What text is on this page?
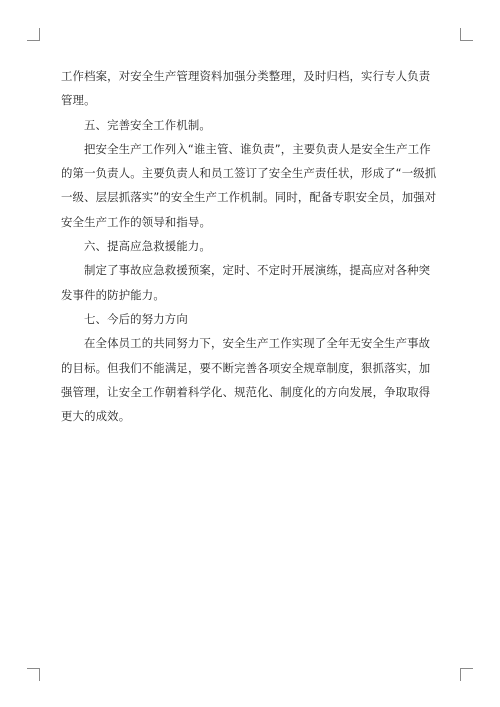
工作档案，对安全生产管理资料加强分类整理，及时归档，实行专人负责管理。

五、完善安全工作机制。

把安全生产工作列入“谁主管、谁负责”，主要负责人是安全生产工作的第一负责人。主要负责人和员工签订了安全生产责任状，形成了“一级抓一级、层层抓落实”的安全生产工作机制。同时，配备专职安全员，加强对安全生产工作的领导和指导。

六、提高应急救援能力。

制定了事故应急救援预案，定时、不定时开展演练，提高应对各种突发事件的防护能力。

七、今后的努力方向

在全体员工的共同努力下，安全生产工作实现了全年无安全生产事故的目标。但我们不能满足，要不断完善各项安全规章制度，狠抓落实，加强管理，让安全工作朝着科学化、规范化、制度化的方向发展，争取取得更大的成效。
